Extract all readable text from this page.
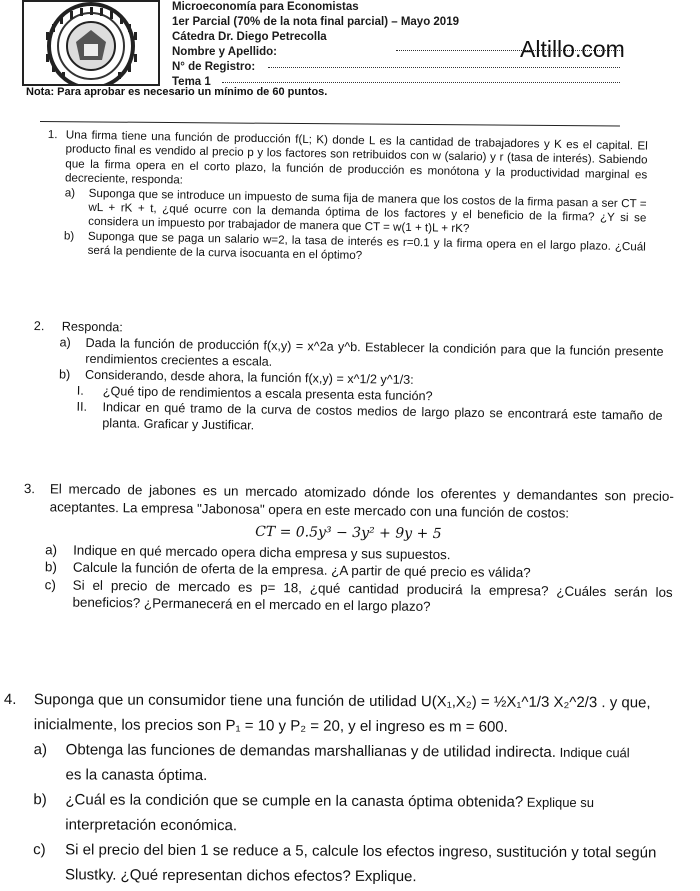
Microeconomía para Economistas
1er Parcial (70% de la nota final parcial) – Mayo 2019
Cátedra Dr. Diego Petrecolla
Nombre y Apellido:
N° de Registro:
Tema 1
Altillo.com
Nota: Para aprobar es necesario un mínimo de 60 puntos.
1. Una firma tiene una función de producción f(L; K) donde L es la cantidad de trabajadores y K es el capital. El producto final es vendido al precio p y los factores son retribuidos con w (salario) y r (tasa de interés). Sabiendo que la firma opera en el corto plazo, la función de producción es monótona y la productividad marginal es decreciente, responda:
a)	Suponga que se introduce un impuesto de suma fija de manera que los costos de la firma pasan a ser CT = wL + rK + t, ¿qué ocurre con la demanda óptima de los factores y el beneficio de la firma? ¿Y si se considera un impuesto por trabajador de manera que CT = w(1 + t)L + rK?
b)	Suponga que se paga un salario w=2, la tasa de interés es r=0.1 y la firma opera en el largo plazo. ¿Cuál será la pendiente de la curva isocuanta en el óptimo?
2.	Responda:
a)	Dada la función de producción f(x,y) = x^2a y^b. Establecer la condición para que la función presente rendimientos crecientes a escala.
b)	Considerando, desde ahora, la función f(x,y) = x^1/2 y^1/3:
I.	¿Qué tipo de rendimientos a escala presenta esta función?
II.	Indicar en qué tramo de la curva de costos medios de largo plazo se encontrará este tamaño de planta. Graficar y Justificar.
3.	El mercado de jabones es un mercado atomizado dónde los oferentes y demandantes son precio-aceptantes. La empresa "Jabonosa" opera en este mercado con una función de costos:
CT = 0.5y³ − 3y² + 9y + 5
a)	Indique en qué mercado opera dicha empresa y sus supuestos.
b)	Calcule la función de oferta de la empresa. ¿A partir de qué precio es válida?
c)	Si el precio de mercado es p= 18, ¿qué cantidad producirá la empresa? ¿Cuáles serán los beneficios? ¿Permanecerá en el mercado en el largo plazo?
4. Suponga que un consumidor tiene una función de utilidad U(X₁,X₂) = ½X₁^1/3 X₂^2/3 . y que,
inicialmente, los precios son P₁ = 10 y P₂ = 20, y el ingreso es m = 600.
a) Obtenga las funciones de demandas marshallianas y de utilidad indirecta. Indique cuál
es la canasta óptima.
b) ¿Cuál es la condición que se cumple en la canasta óptima obtenida? Explique su
interpretación económica.
c) Si el precio del bien 1 se reduce a 5, calcule los efectos ingreso, sustitución y total según
Slustky. ¿Qué representan dichos efectos? Explique.
